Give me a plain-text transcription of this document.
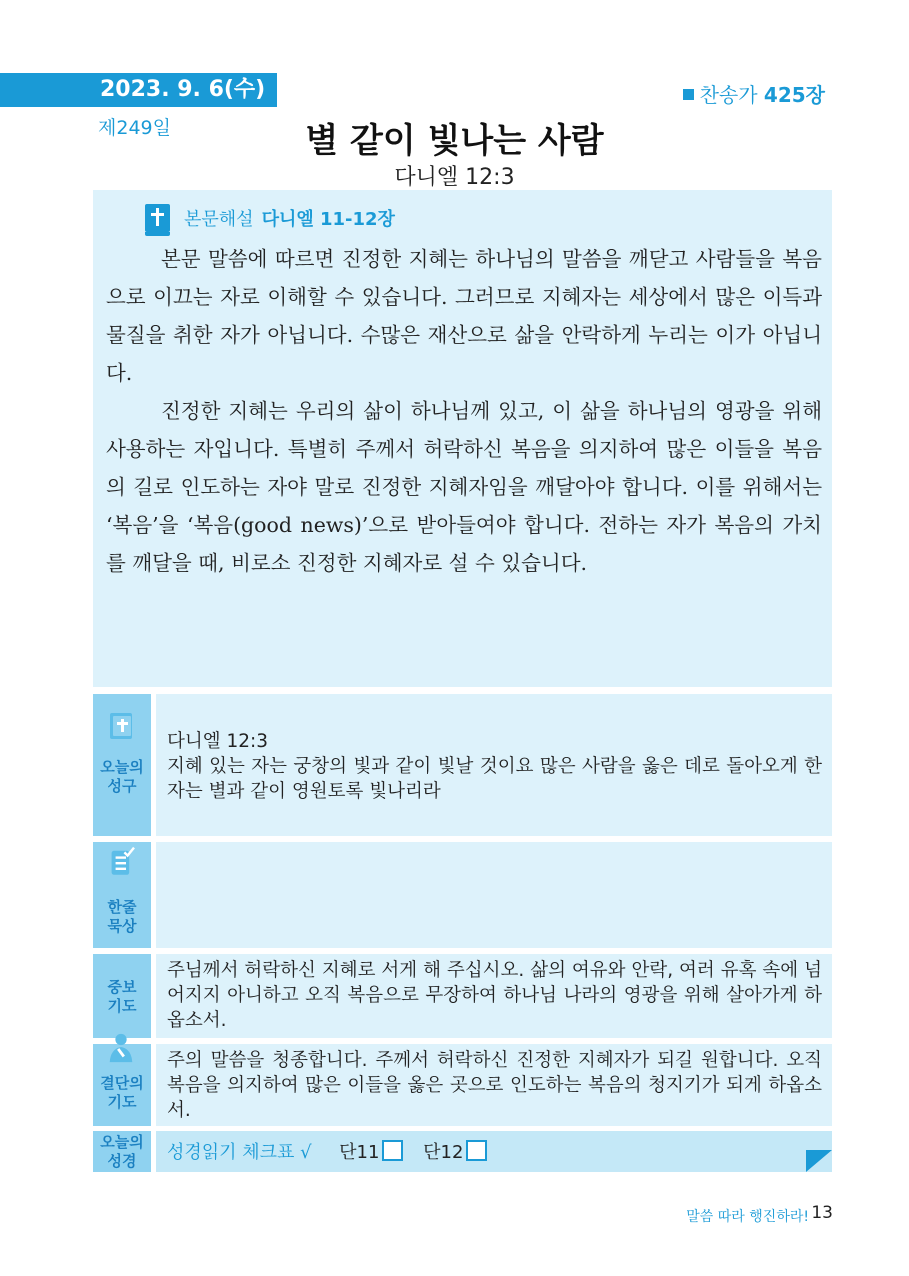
2023. 9. 6(수)
제249일
찬송가 425장
별 같이 빛나는 사람
다니엘 12:3
본문해설 다니엘 11-12장

본문 말씀에 따르면 진정한 지혜는 하나님의 말씀을 깨닫고 사람들을 복음으로 이끄는 자로 이해할 수 있습니다. 그러므로 지혜자는 세상에서 많은 이득과 물질을 취한 자가 아닙니다. 수많은 재산으로 삶을 안락하게 누리는 이가 아닙니다.

진정한 지혜는 우리의 삶이 하나님께 있고, 이 삶을 하나님의 영광을 위해 사용하는 자입니다. 특별히 주께서 허락하신 복음을 의지하여 많은 이들을 복음의 길로 인도하는 자야 말로 진정한 지혜자임을 깨달아야 합니다. 이를 위해서는 ‘복음’을 ‘복음(good news)’으로 받아들여야 합니다. 전하는 자가 복음의 가치를 깨달을 때, 비로소 진정한 지혜자로 설 수 있습니다.

오늘의
성구
다니엘 12:3
지혜 있는 자는 궁창의 빛과 같이 빛날 것이요 많은 사람을 옳은 데로 돌아오게 한 자는 별과 같이 영원토록 빛나리라
한줄
묵상
중보
기도
주님께서 허락하신 지혜로 서게 해 주십시오. 삶의 여유와 안락, 여러 유혹 속에 넘어지지 아니하고 오직 복음으로 무장하여 하나님 나라의 영광을 위해 살아가게 하옵소서.
결단의
기도
주의 말씀을 청종합니다. 주께서 허락하신 진정한 지혜자가 되길 원합니다. 오직 복음을 의지하여 많은 이들을 옳은 곳으로 인도하는 복음의 청지기가 되게 하옵소서.
오늘의
성경	성경읽기 체크표 √ 단11 단12
말씀 따라 행진하라! 13
